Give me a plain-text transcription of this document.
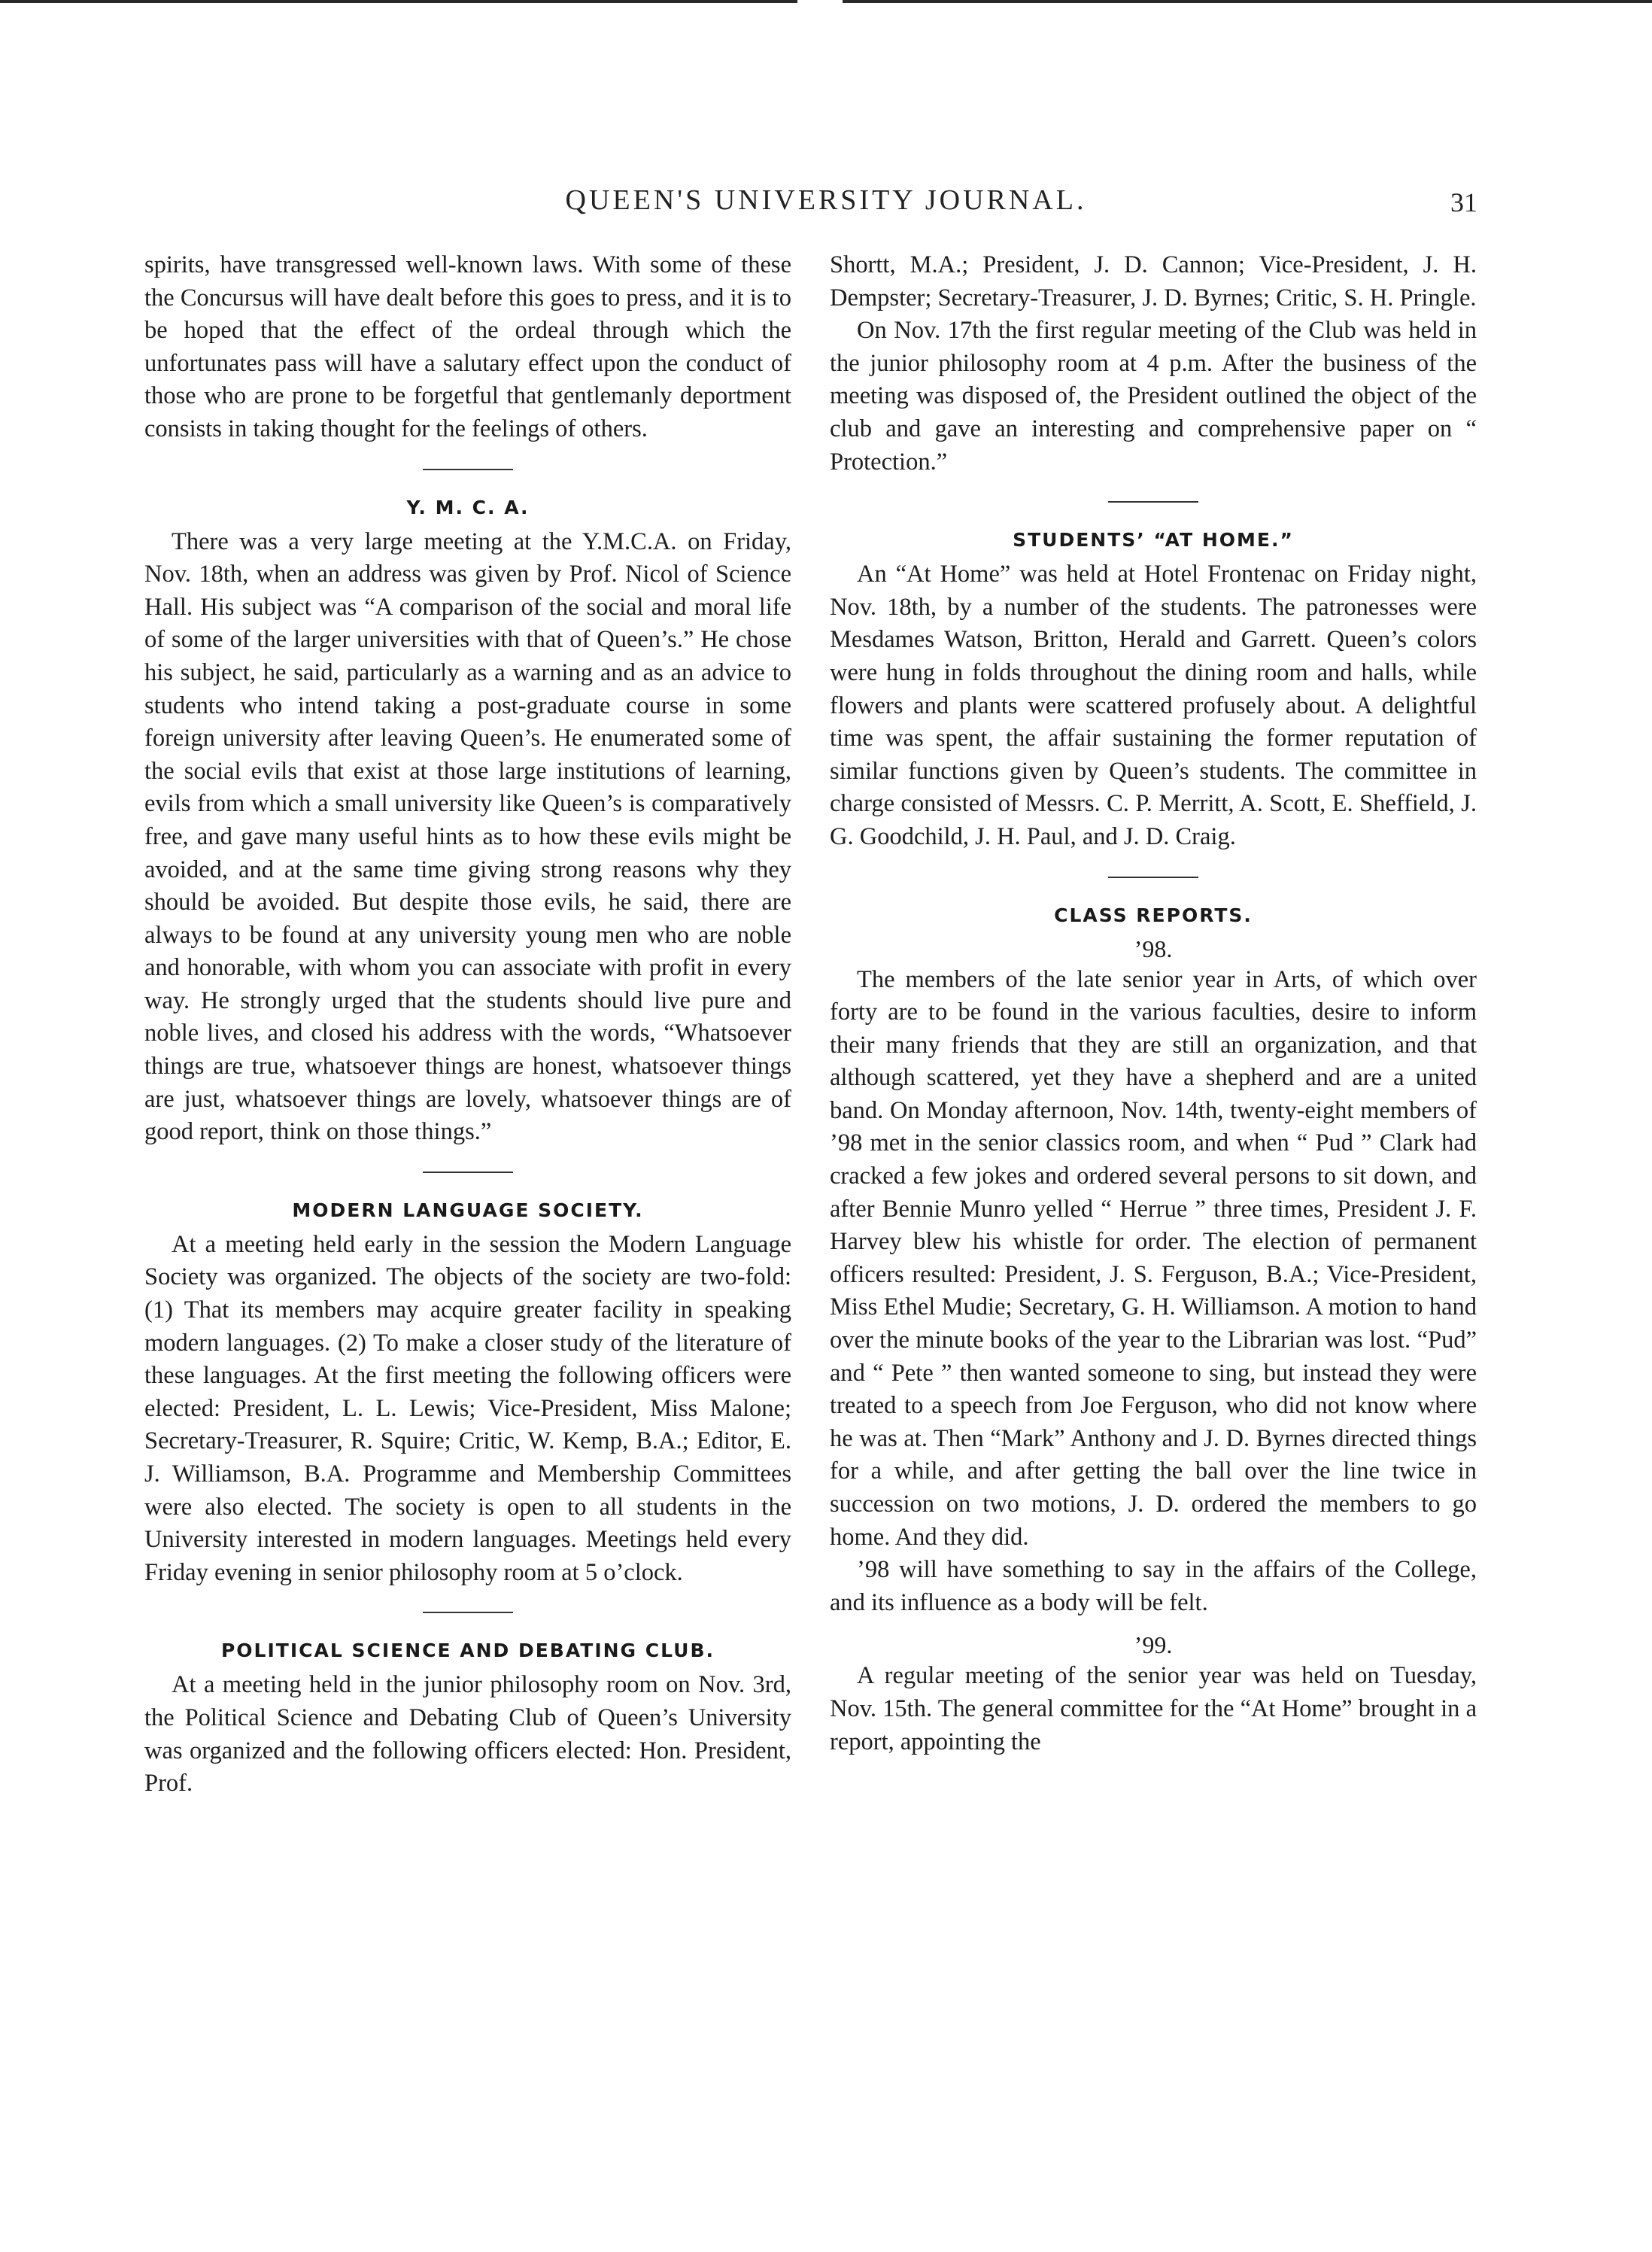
QUEEN'S UNIVERSITY JOURNAL.	31

spirits, have transgressed well-known laws. With some of these the Concursus will have dealt before this goes to press, and it is to be hoped that the effect of the ordeal through which the unfortunates pass will have a salutary effect upon the conduct of those who are prone to be forgetful that gentlemanly deportment consists in taking thought for the feelings of others.

Y. M. C. A.

There was a very large meeting at the Y.M.C.A. on Friday, Nov. 18th, when an address was given by Prof. Nicol of Science Hall. His subject was “A comparison of the social and moral life of some of the larger universities with that of Queen’s.” He chose his subject, he said, particularly as a warning and as an advice to students who intend taking a post-graduate course in some foreign university after leaving Queen’s. He enumerated some of the social evils that exist at those large institutions of learning, evils from which a small university like Queen’s is comparatively free, and gave many useful hints as to how these evils might be avoided, and at the same time giving strong reasons why they should be avoided. But despite those evils, he said, there are always to be found at any university young men who are noble and honorable, with whom you can associate with profit in every way. He strongly urged that the students should live pure and noble lives, and closed his address with the words, “Whatsoever things are true, whatsoever things are honest, whatsoever things are just, whatsoever things are lovely, whatsoever things are of good report, think on those things.”

MODERN LANGUAGE SOCIETY.

At a meeting held early in the session the Modern Language Society was organized. The objects of the society are two-fold: (1) That its members may acquire greater facility in speaking modern languages. (2) To make a closer study of the literature of these languages. At the first meeting the following officers were elected: President, L. L. Lewis; Vice-President, Miss Malone; Secretary-Treasurer, R. Squire; Critic, W. Kemp, B.A.; Editor, E. J. Williamson, B.A. Programme and Membership Committees were also elected. The society is open to all students in the University interested in modern languages. Meetings held every Friday evening in senior philosophy room at 5 o’clock.

POLITICAL SCIENCE AND DEBATING CLUB.

At a meeting held in the junior philosophy room on Nov. 3rd, the Political Science and Debating Club of Queen’s University was organized and the following officers elected: Hon. President, Prof.

Shortt, M.A.; President, J. D. Cannon; Vice-President, J. H. Dempster; Secretary-Treasurer, J. D. Byrnes; Critic, S. H. Pringle.

On Nov. 17th the first regular meeting of the Club was held in the junior philosophy room at 4 p.m. After the business of the meeting was disposed of, the President outlined the object of the club and gave an interesting and comprehensive paper on “ Protection.”

STUDENTS’ “AT HOME.”

An “At Home” was held at Hotel Frontenac on Friday night, Nov. 18th, by a number of the students. The patronesses were Mesdames Watson, Britton, Herald and Garrett. Queen’s colors were hung in folds throughout the dining room and halls, while flowers and plants were scattered profusely about. A delightful time was spent, the affair sustaining the former reputation of similar functions given by Queen’s students. The committee in charge consisted of Messrs. C. P. Merritt, A. Scott, E. Sheffield, J. G. Goodchild, J. H. Paul, and J. D. Craig.

CLASS REPORTS.
’98.

The members of the late senior year in Arts, of which over forty are to be found in the various faculties, desire to inform their many friends that they are still an organization, and that although scattered, yet they have a shepherd and are a united band. On Monday afternoon, Nov. 14th, twenty-eight members of ’98 met in the senior classics room, and when “ Pud ” Clark had cracked a few jokes and ordered several persons to sit down, and after Bennie Munro yelled “ Herrue ” three times, President J. F. Harvey blew his whistle for order. The election of permanent officers resulted: President, J. S. Ferguson, B.A.; Vice-President, Miss Ethel Mudie; Secretary, G. H. Williamson. A motion to hand over the minute books of the year to the Librarian was lost. “Pud” and “ Pete ” then wanted someone to sing, but instead they were treated to a speech from Joe Ferguson, who did not know where he was at. Then “Mark” Anthony and J. D. Byrnes directed things for a while, and after getting the ball over the line twice in succession on two motions, J. D. ordered the members to go home. And they did.

’98 will have something to say in the affairs of the College, and its influence as a body will be felt.

’99.

A regular meeting of the senior year was held on Tuesday, Nov. 15th. The general committee for the “At Home” brought in a report, appointing the
